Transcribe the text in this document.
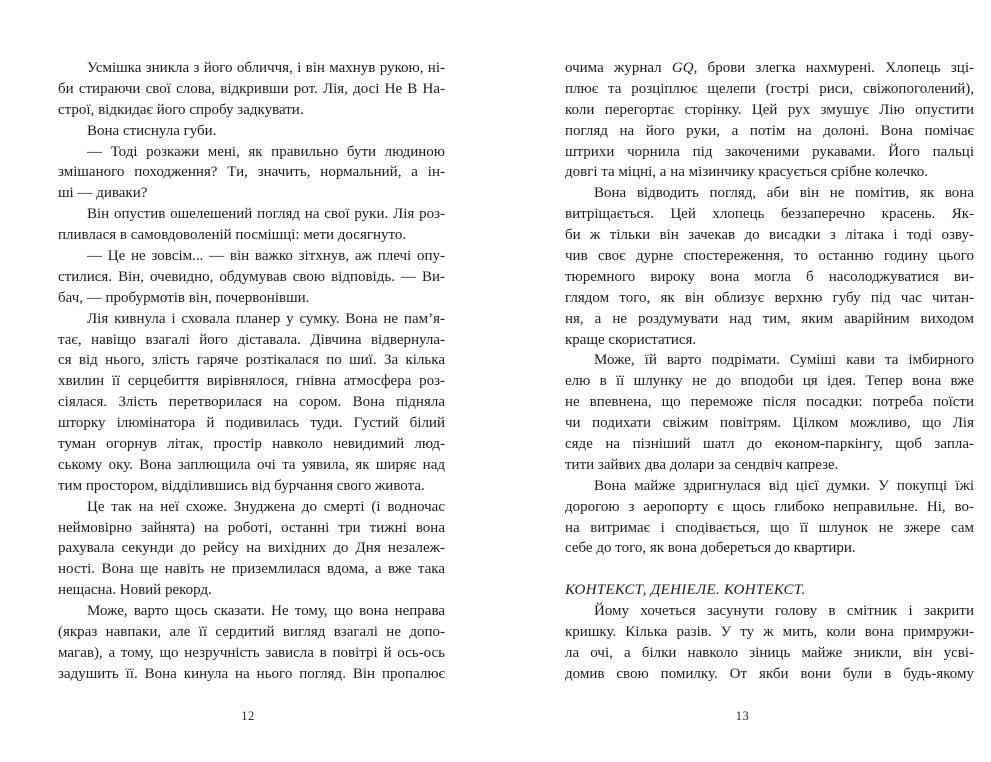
Усмішка зникла з його обличчя, і він махнув рукою, ні-
би стираючи свої слова, відкривши рот. Лія, досі Не В На-
строї, відкидає його спробу задкувати.
Вона стиснула губи.
— Тоді розкажи мені, як правильно бути людиною
змішаного походження? Ти, значить, нормальний, а ін-
ші — диваки?
Він опустив ошелешений погляд на свої руки. Лія роз-
пливлася в самовдоволеній посмішці: мети досягнуто.
— Це не зовсім... — він важко зітхнув, аж плечі опу-
стилися. Він, очевидно, обдумував свою відповідь. — Ви-
бач, — пробурмотів він, почервонівши.
Лія кивнула і сховала планер у сумку. Вона не пам’я-
тає, навіщо взагалі його діставала. Дівчина відвернула-
ся від нього, злість гаряче розтікалася по шиї. За кілька
хвилин її серцебиття вирівнялося, гнівна атмосфера роз-
сіялася. Злість перетворилася на сором. Вона підняла
шторку ілюмінатора й подивилась туди. Густий білий
туман огорнув літак, простір навколо невидимий люд-
ському оку. Вона заплющила очі та уявила, як ширяє над
тим простором, відділившись від бурчання свого живота.
Це так на неї схоже. Знуджена до смерті (і водночас
неймовірно зайнята) на роботі, останні три тижні вона
рахувала секунди до рейсу на вихідних до Дня незалеж-
ності. Вона ще навіть не приземлилася вдома, а вже така
нещасна. Новий рекорд.
Може, варто щось сказати. Не тому, що вона неправа
(якраз навпаки, але її сердитий вигляд взагалі не допо-
магав), а тому, що незручність зависла в повітрі й ось-ось
задушить її. Вона кинула на нього погляд. Він пропалює
очима журнал GQ, брови злегка нахмурені. Хлопець зці-
плює та розціплює щелепи (гострі риси, свіжопоголений),
коли перегортає сторінку. Цей рух змушує Лію опустити
погляд на його руки, а потім на долоні. Вона помічає
штрихи чорнила під закоченими рукавами. Його пальці
довгі та міцні, а на мізинчику красується срібне колечко.
Вона відводить погляд, аби він не помітив, як вона
витріщається. Цей хлопець беззаперечно красень. Як-
би ж тільки він зачекав до висадки з літака і тоді озву-
чив своє дурне спостереження, то останню годину цього
тюремного вироку вона могла б насолоджуватися ви-
глядом того, як він облизує верхню губу під час читан-
ня, а не роздумувати над тим, яким аварійним виходом
краще скористатися.
Може, їй варто подрімати. Суміші кави та імбирного
елю в її шлунку не до вподоби ця ідея. Тепер вона вже
не впевнена, що переможе після посадки: потреба поїсти
чи подихати свіжим повітрям. Цілком можливо, що Лія
сяде на пізніший шатл до економ-паркінгу, щоб запла-
тити зайвих два долари за сендвіч капрезе.
Вона майже здригнулася від цієї думки. У покупці їжі
дорогою з аеропорту є щось глибоко неправильне. Ні, во-
на витримає і сподівається, що її шлунок не зжере сам
себе до того, як вона добереться до квартири.
КОНТЕКСТ, ДЕНІЕЛЕ. КОНТЕКСТ.
Йому хочеться засунути голову в смітник і закрити
кришку. Кілька разів. У ту ж мить, коли вона примружи-
ла очі, а білки навколо зіниць майже зникли, він усві-
домив свою помилку. От якби вони були в будь-якому
12	13
